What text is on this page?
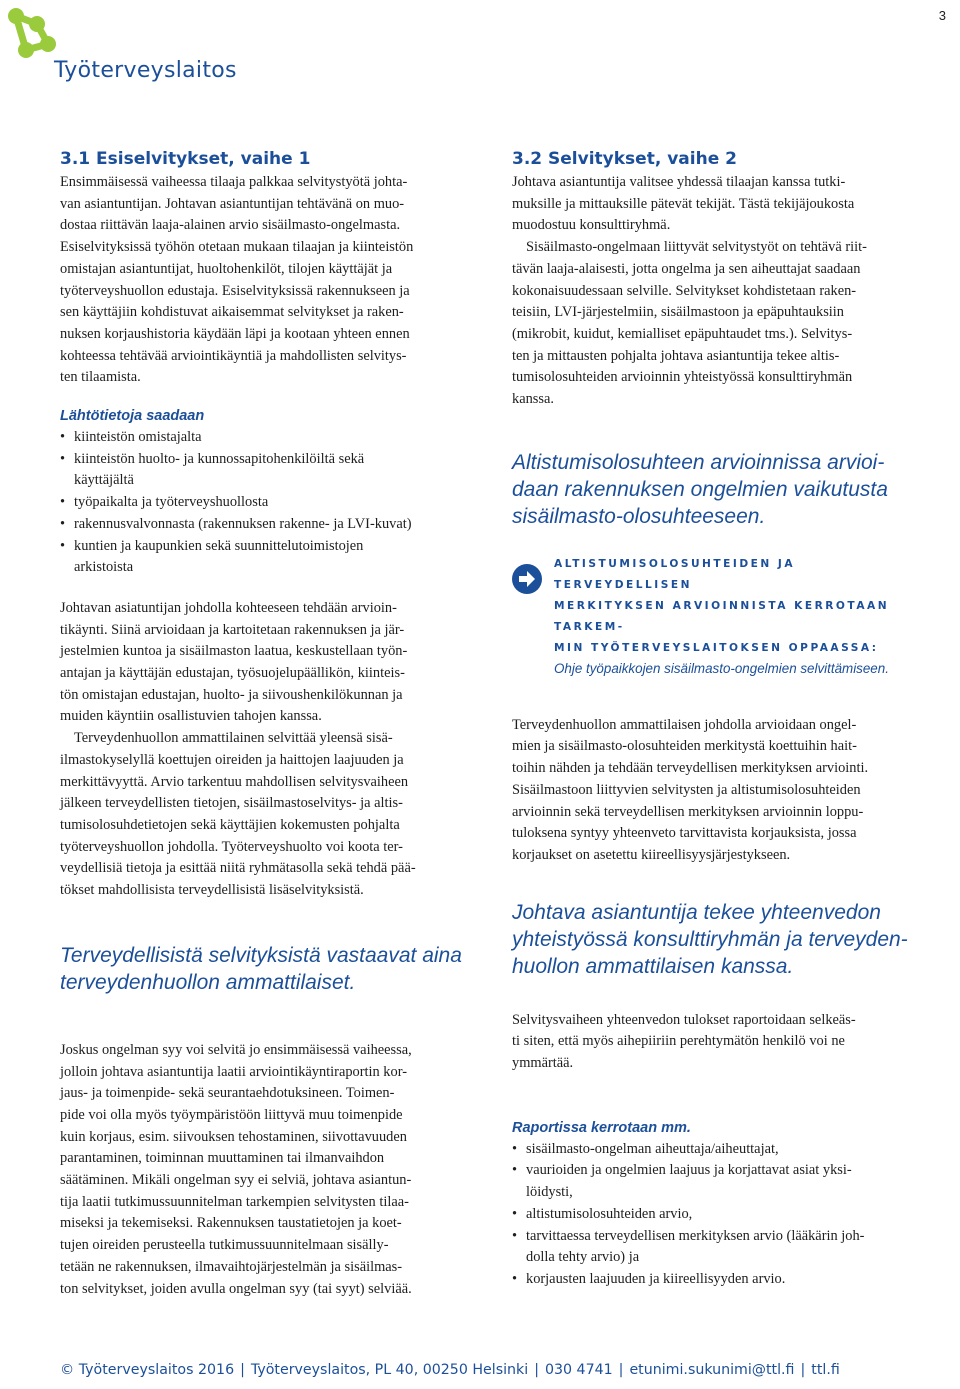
3
Työterveyslaitos
3.1 Esiselvitykset, vaihe 1
Ensimmäisessä vaiheessa tilaaja palkkaa selvitystyötä johta-
van asiantuntijan. Johtavan asiantuntijan tehtävänä on muo-
dostaa riittävän laaja-alainen arvio sisäilmasto-ongelmasta.
Esiselvityksissä työhön otetaan mukaan tilaajan ja kiinteistön
omistajan asiantuntijat, huoltohenkilöt, tilojen käyttäjät ja
työterveyshuollon edustaja. Esiselvityksissä rakennukseen ja
sen käyttäjiin kohdistuvat aikaisemmat selvitykset ja raken-
nuksen korjaushistoria käydään läpi ja kootaan yhteen ennen
kohteessa tehtävää arviointikäyntiä ja mahdollisten selvitys-
ten tilaamista.
Lähtötietoja saadaan
• kiinteistön omistajalta
• kiinteistön huolto- ja kunnossapitohenkilöiltä sekä
käyttäjältä
• työpaikalta ja työterveyshuollosta
• rakennusvalvonnasta (rakennuksen rakenne- ja LVI-kuvat)
• kuntien ja kaupunkien sekä suunnittelutoimistojen
arkistoista
Johtavan asiatuntijan johdolla kohteeseen tehdään arvioin-
tikäynti. Siinä arvioidaan ja kartoitetaan rakennuksen ja jär-
jestelmien kuntoa ja sisäilmaston laatua, keskustellaan työn-
antajan ja käyttäjän edustajan, työsuojelupäällikön, kiinteis-
tön omistajan edustajan, huolto- ja siivoushenkilökunnan ja
muiden käyntiin osallistuvien tahojen kanssa.
Terveydenhuollon ammattilainen selvittää yleensä sisä-
ilmastokyselyllä koettujen oireiden ja haittojen laajuuden ja
merkittävyyttä. Arvio tarkentuu mahdollisen selvitysvaiheen
jälkeen terveydellisten tietojen, sisäilmastoselvitys- ja altis-
tumisolosuhdetietojen sekä käyttäjien kokemusten pohjalta
työterveyshuollon johdolla. Työterveyshuolto voi koota ter-
veydellisiä tietoja ja esittää niitä ryhmätasolla sekä tehdä pää-
tökset mahdollisista terveydellisistä lisäselvityksistä.
Terveydellisistä selvityksistä vastaavat aina
terveydenhuollon ammattilaiset.
Joskus ongelman syy voi selvitä jo ensimmäisessä vaiheessa,
jolloin johtava asiantuntija laatii arviointikäyntiraportin kor-
jaus- ja toimenpide- sekä seurantaehdotuksineen. Toimen-
pide voi olla myös työympäristöön liittyvä muu toimenpide
kuin korjaus, esim. siivouksen tehostaminen, siivottavuuden
parantaminen, toiminnan muuttaminen tai ilmanvaihdon
säätäminen. Mikäli ongelman syy ei selviä, johtava asiantun-
tija laatii tutkimussuunnitelman tarkempien selvitysten tilaa-
miseksi ja tekemiseksi. Rakennuksen taustatietojen ja koet-
tujen oireiden perusteella tutkimussuunnitelmaan sisälly-
tetään ne rakennuksen, ilmavaihtojärjestelmän ja sisäilmas-
ton selvitykset, joiden avulla ongelman syy (tai syyt) selviää.
3.2 Selvitykset, vaihe 2
Johtava asiantuntija valitsee yhdessä tilaajan kanssa tutki-
muksille ja mittauksille pätevät tekijät. Tästä tekijäjoukosta
muodostuu konsulttiryhmä.
Sisäilmasto-ongelmaan liittyvät selvitystyöt on tehtävä riit-
tävän laaja-alaisesti, jotta ongelma ja sen aiheuttajat saadaan
kokonaisuudessaan selville. Selvitykset kohdistetaan raken-
teisiin, LVI-järjestelmiin, sisäilmastoon ja epäpuhtauksiin
(mikrobit, kuidut, kemialliset epäpuhtaudet tms.). Selvitys-
ten ja mittausten pohjalta johtava asiantuntija tekee altis-
tumisolosuhteiden arvioinnin yhteistyössä konsulttiryhmän
kanssa.
Altistumisolosuhteen arvioinnissa arvioi-
daan rakennuksen ongelmien vaikutusta
sisäilmasto-olosuhteeseen.
ALTISTUMISOLOSUHTEIDEN JA TERVEYDELLISEN
MERKITYKSEN ARVIOINNISTA KERROTAAN TARKEM-
MIN TYÖTERVEYSLAITOKSEN OPPAASSA:
Ohje työpaikkojen sisäilmasto-ongelmien selvittämiseen.
Terveydenhuollon ammattilaisen johdolla arvioidaan ongel-
mien ja sisäilmasto-olosuhteiden merkitystä koettuihin hait-
toihin nähden ja tehdään terveydellisen merkityksen arviointi.
Sisäilmastoon liittyvien selvitysten ja altistumisolosuhteiden
arvioinnin sekä terveydellisen merkityksen arvioinnin loppu-
tuloksena syntyy yhteenveto tarvittavista korjauksista, jossa
korjaukset on asetettu kiireellisyysjärjestykseen.
Johtava asiantuntija tekee yhteenvedon
yhteistyössä konsulttiryhmän ja terveyden-
huollon ammattilaisen kanssa.
Selvitysvaiheen yhteenvedon tulokset raportoidaan selkeäs-
ti siten, että myös aihepiiriin perehtymätön henkilö voi ne
ymmärtää.
Raportissa kerrotaan mm.
• sisäilmasto-ongelman aiheuttaja/aiheuttajat,
• vaurioiden ja ongelmien laajuus ja korjattavat asiat yksi-
löidysti,
• altistumisolosuhteiden arvio,
• tarvittaessa terveydellisen merkityksen arvio (lääkärin joh-
dolla tehty arvio) ja
• korjausten laajuuden ja kiireellisyyden arvio.
© Työterveyslaitos 2016 | Työterveyslaitos, PL 40, 00250 Helsinki | 030 4741 | etunimi.sukunimi@ttl.fi | ttl.fi
